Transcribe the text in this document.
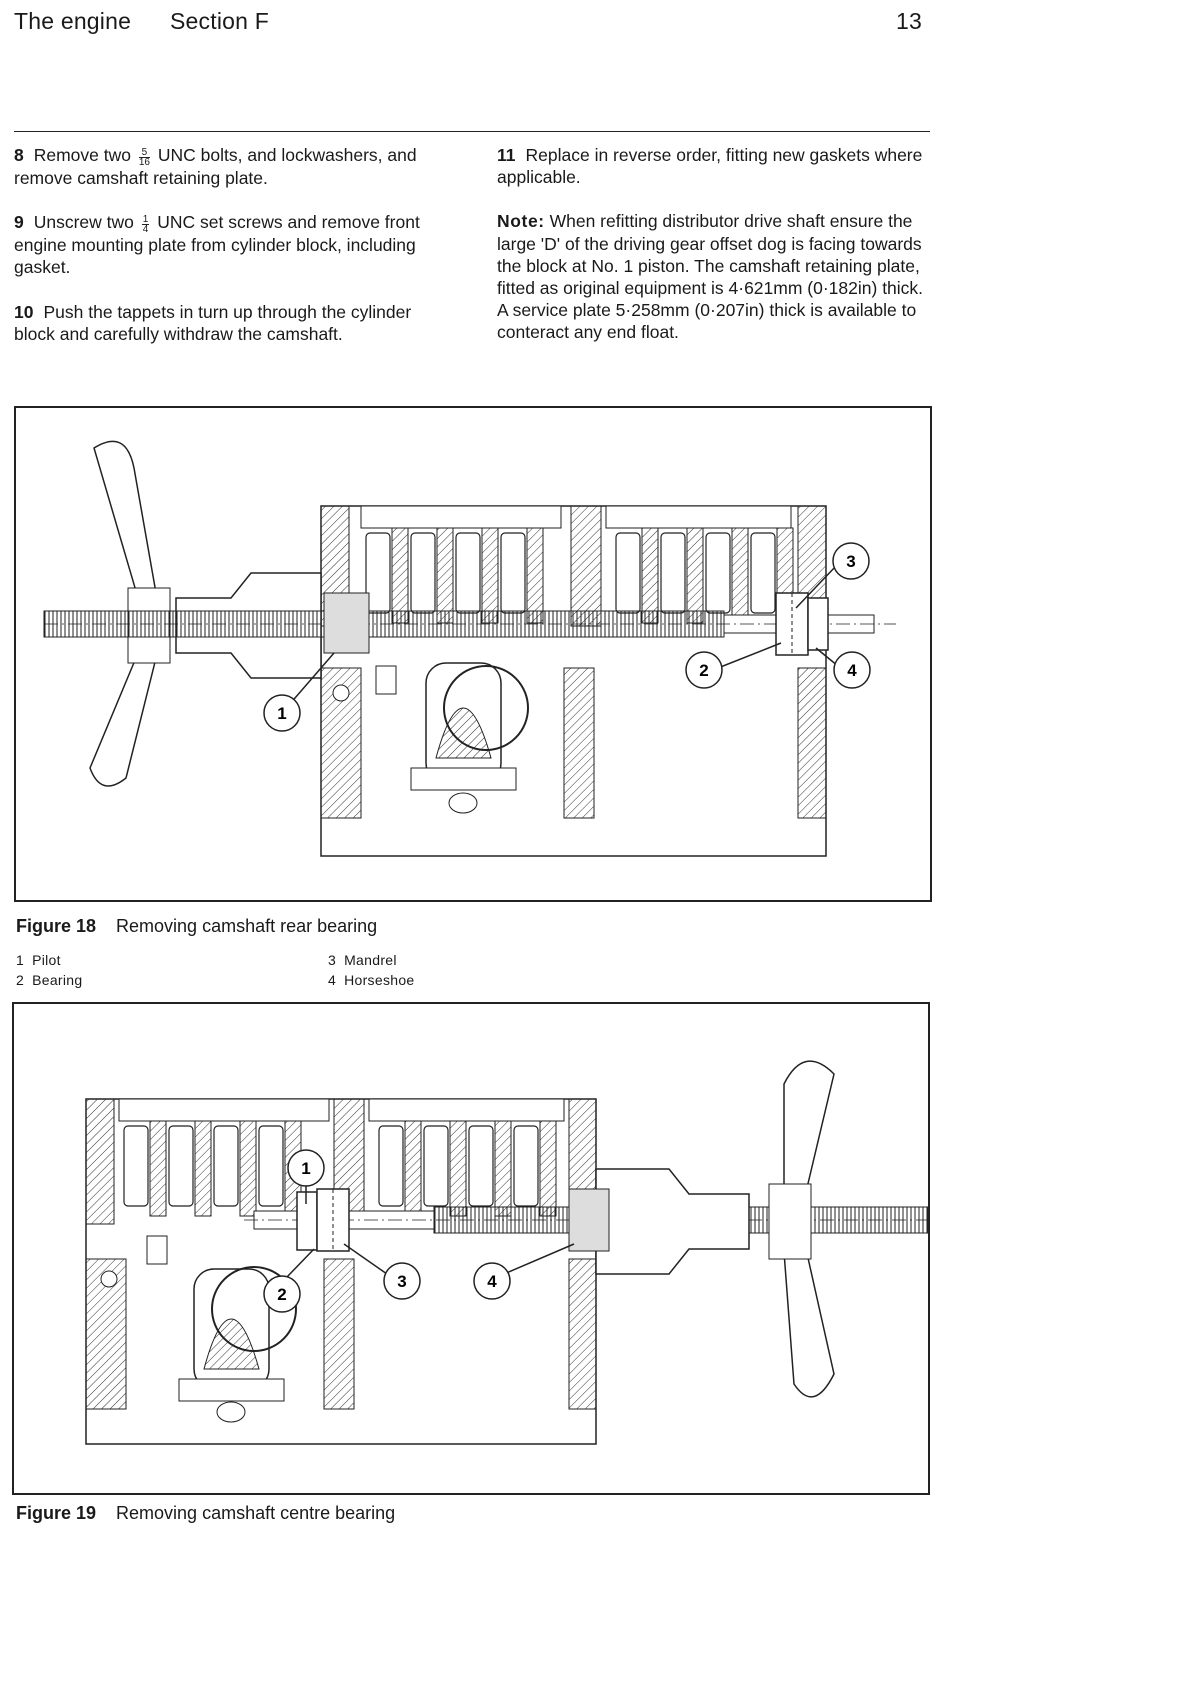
The engine Section F	13

8 Remove two $\frac{5}{16}$ UNC bolts, and lockwashers, and remove camshaft retaining plate.

9 Unscrew two $\frac{1}{4}$ UNC set screws and remove front engine mounting plate from cylinder block, including gasket.

10 Push the tappets in turn up through the cylinder block and carefully withdraw the camshaft.

11 Replace in reverse order, fitting new gaskets where applicable.

Note: When refitting distributor drive shaft ensure the large 'D' of the driving gear offset dog is facing towards the block at No. 1 piston. The camshaft retaining plate, fitted as original equipment is 4·621mm (0·182in) thick. A service plate 5·258mm (0·207in) thick is available to conteract any end float.

1
2
3
4
Figure 18 Removing camshaft rear bearing
1 Pilot
2 Bearing
3 Mandrel
4 Horseshoe
1
2
3	4
Figure 19 Removing camshaft centre bearing
